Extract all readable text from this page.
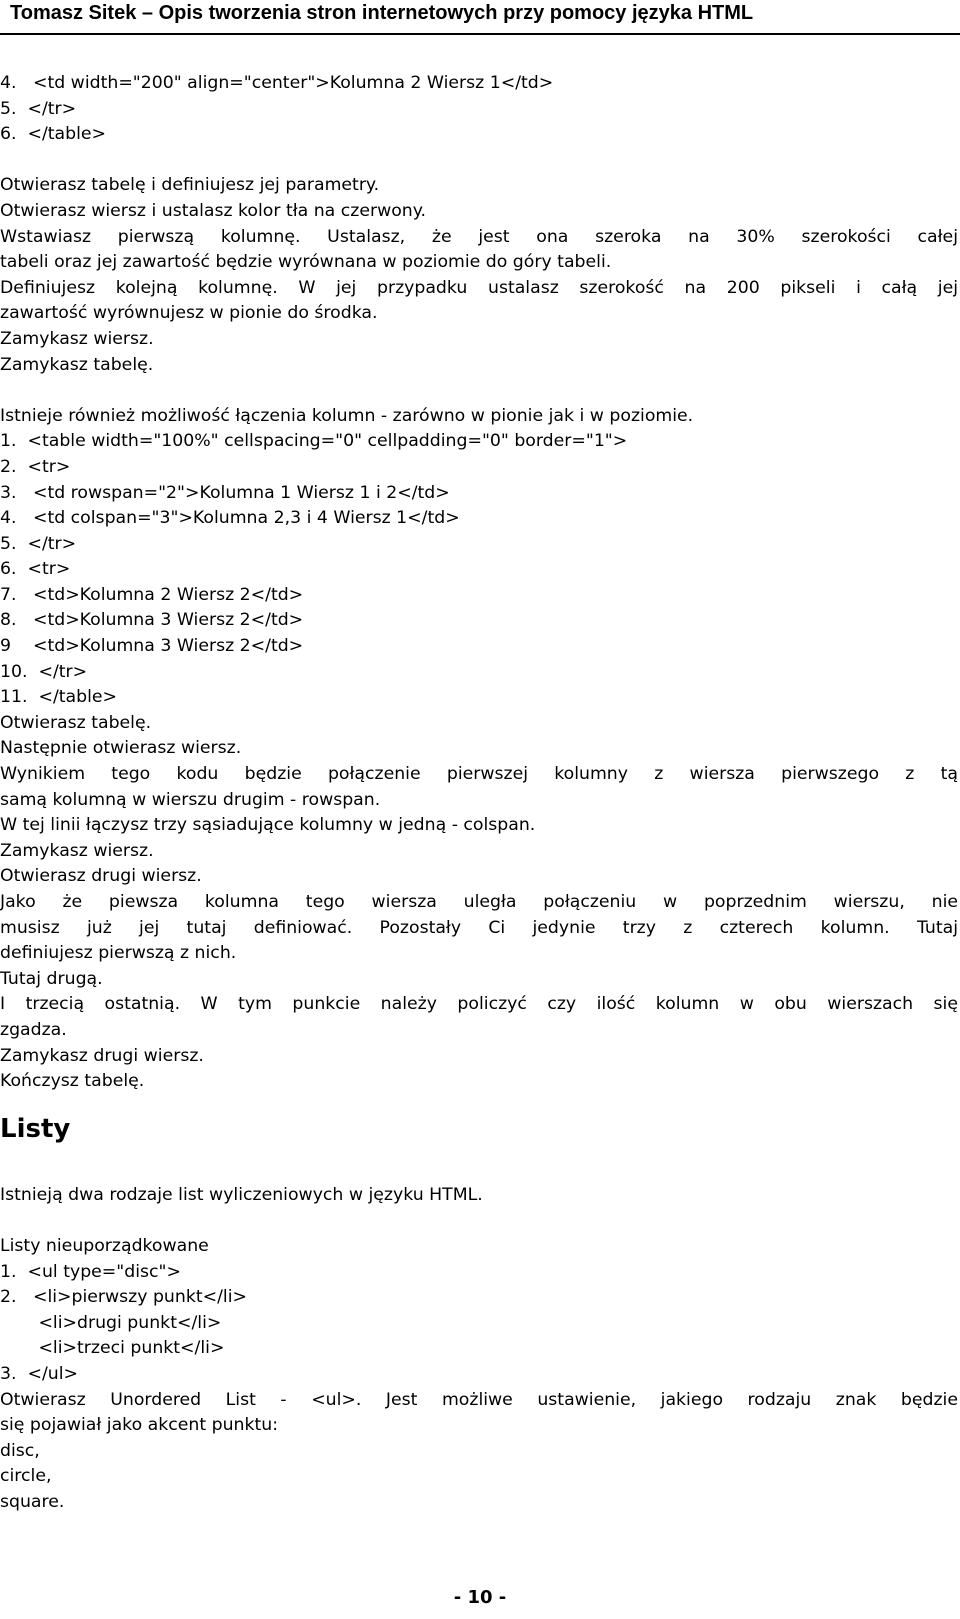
Tomasz Sitek – Opis tworzenia stron internetowych przy pomocy języka HTML
4.   <td width="200" align="center">Kolumna 2 Wiersz 1</td>
5.  </tr>
6.  </table>
Otwierasz tabelę i definiujesz jej parametry.
Otwierasz wiersz i ustalasz kolor tła na czerwony.
Wstawiasz pierwszą kolumnę. Ustalasz, że jest ona szeroka na 30% szerokości całej
tabeli oraz jej zawartość będzie wyrównana w poziomie do góry tabeli.
Definiujesz kolejną kolumnę. W jej przypadku ustalasz szerokość na 200 pikseli i całą jej
zawartość wyrównujesz w pionie do środka.
Zamykasz wiersz.
Zamykasz tabelę.
Istnieje również możliwość łączenia kolumn - zarówno w pionie jak i w poziomie.
1.  <table width="100%" cellspacing="0" cellpadding="0" border="1">
2.  <tr>
3.   <td rowspan="2">Kolumna 1 Wiersz 1 i 2</td>
4.   <td colspan="3">Kolumna 2,3 i 4 Wiersz 1</td>
5.  </tr>
6.  <tr>
7.   <td>Kolumna 2 Wiersz 2</td>
8.   <td>Kolumna 3 Wiersz 2</td>
9    <td>Kolumna 3 Wiersz 2</td>
10.  </tr>
11.  </table>
Otwierasz tabelę.
Następnie otwierasz wiersz.
Wynikiem tego kodu będzie połączenie pierwszej kolumny z wiersza pierwszego z tą
samą kolumną w wierszu drugim - rowspan.
W tej linii łączysz trzy sąsiadujące kolumny w jedną - colspan.
Zamykasz wiersz.
Otwierasz drugi wiersz.
Jako że piewsza kolumna tego wiersza uległa połączeniu w poprzednim wierszu, nie
musisz już jej tutaj definiować. Pozostały Ci jedynie trzy z czterech kolumn. Tutaj
definiujesz pierwszą z nich.
Tutaj drugą.
I trzecią ostatnią. W tym punkcie należy policzyć czy ilość kolumn w obu wierszach się
zgadza.
Zamykasz drugi wiersz.
Kończysz tabelę.
Listy
Istnieją dwa rodzaje list wyliczeniowych w języku HTML.
Listy nieuporządkowane
1.  <ul type="disc">
2.   <li>pierwszy punkt</li>
<li>drugi punkt</li>
<li>trzeci punkt</li>
3.  </ul>
Otwierasz Unordered List - <ul>. Jest możliwe ustawienie, jakiego rodzaju znak będzie
się pojawiał jako akcent punktu:
disc,
circle,
square.
- 10 -
